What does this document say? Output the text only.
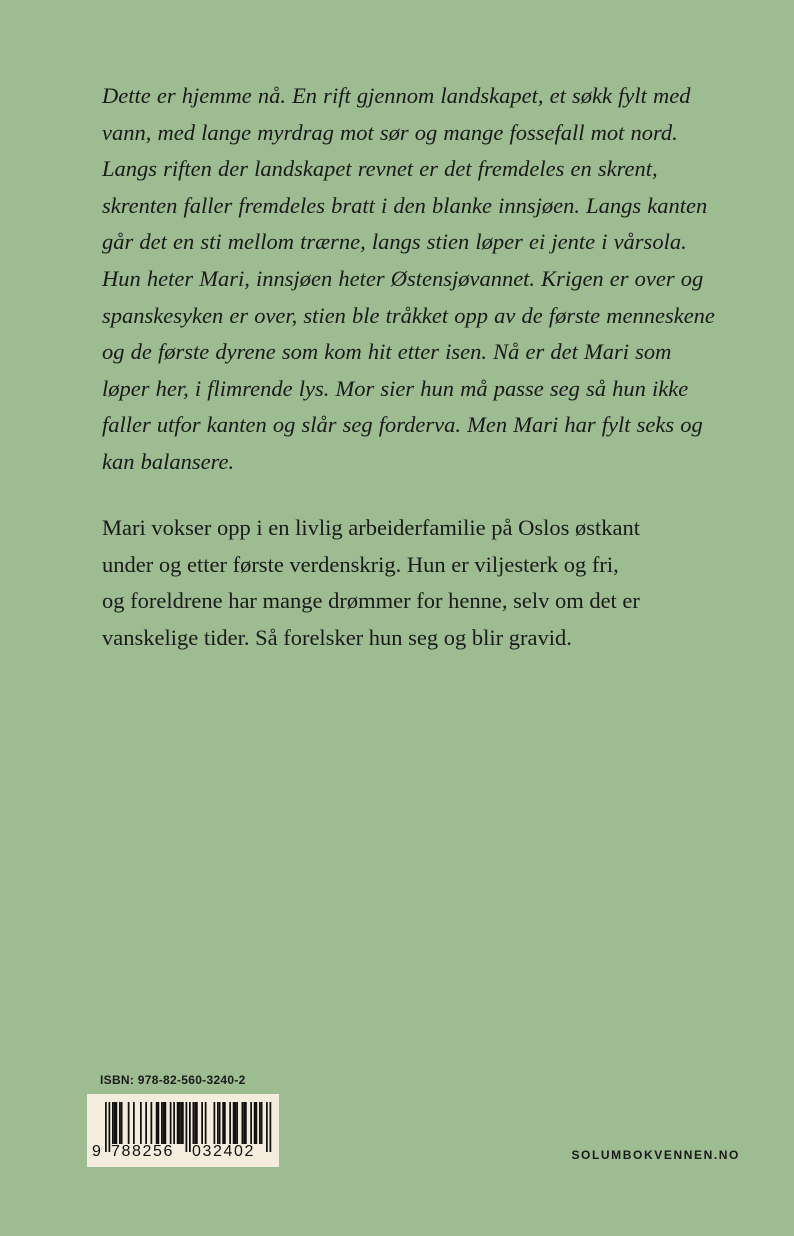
Dette er hjemme nå. En rift gjennom landskapet, et søkk fylt med
vann, med lange myrdrag mot sør og mange fossefall mot nord.
Langs riften der landskapet revnet er det fremdeles en skrent,
skrenten faller fremdeles bratt i den blanke innsjøen. Langs kanten
går det en sti mellom trærne, langs stien løper ei jente i vårsola.
Hun heter Mari, innsjøen heter Østensjøvannet. Krigen er over og
spanskesyken er over, stien ble tråkket opp av de første menneskene
og de første dyrene som kom hit etter isen. Nå er det Mari som
løper her, i flimrende lys. Mor sier hun må passe seg så hun ikke
faller utfor kanten og slår seg forderva. Men Mari har fylt seks og
kan balansere.
Mari vokser opp i en livlig arbeiderfamilie på Oslos østkant
under og etter første verdenskrig. Hun er viljesterk og fri,
og foreldrene har mange drømmer for henne, selv om det er
vanskelige tider. Så forelsker hun seg og blir gravid.
ISBN: 978-82-560-3240-2
9 788256 032402	SOLUMBOKVENNEN.NO
